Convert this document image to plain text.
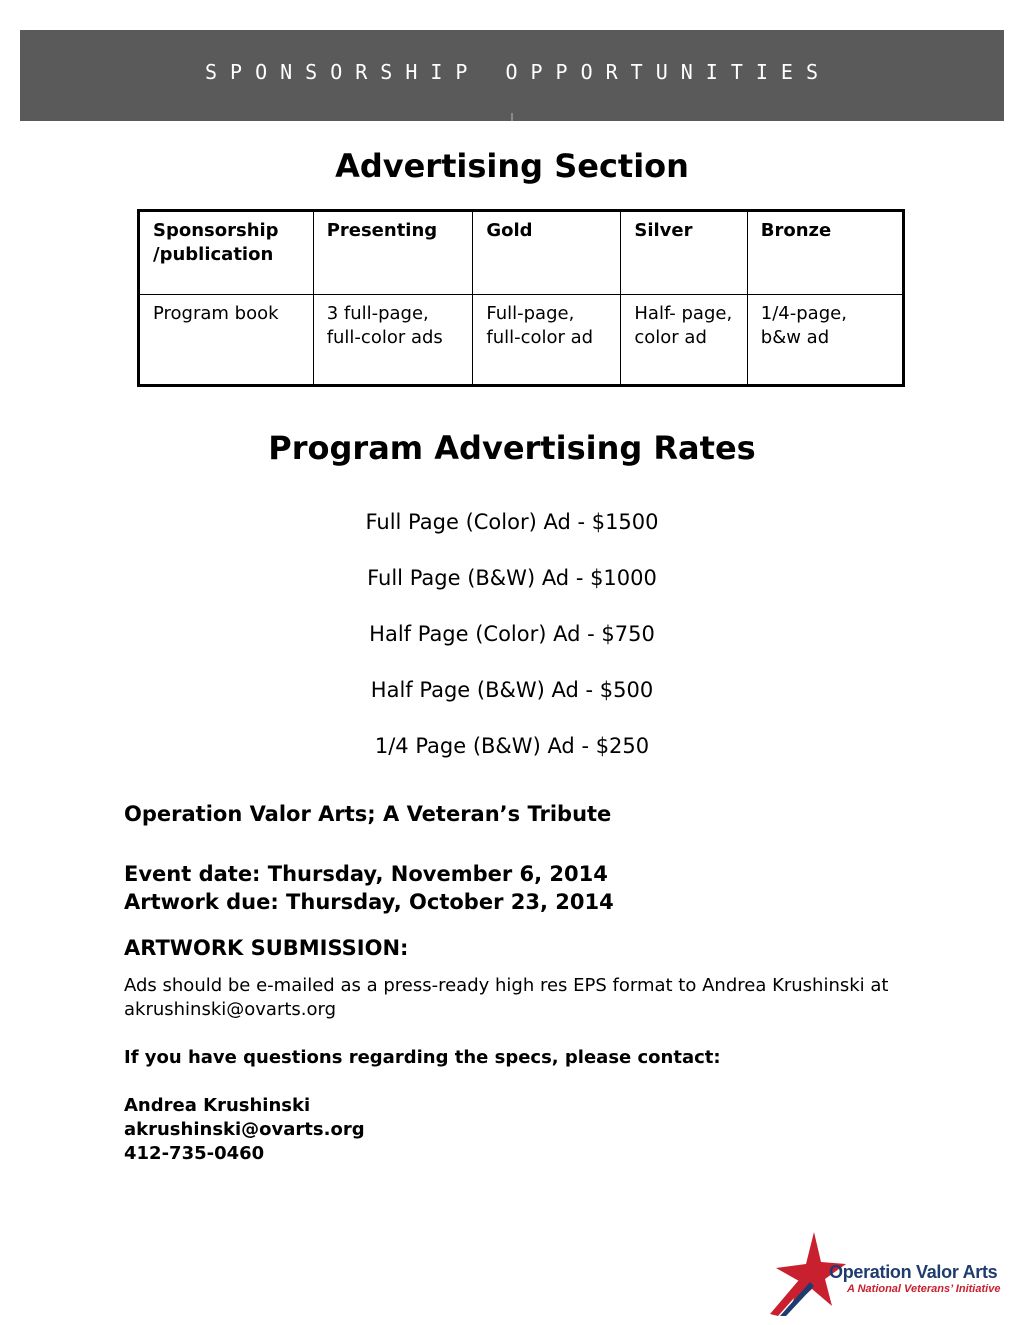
SPONSORSHIP OPPORTUNITIES
Advertising Section
Sponsorship /publication	Presenting	Gold	Silver	Bronze
Program book	3 full-page, full-color ads	Full-page, full-color ad	Half- page, color ad	1/4-page, b&w ad
Program Advertising Rates
Full Page (Color) Ad - $1500
Full Page (B&W) Ad - $1000
Half Page (Color) Ad - $750
Half Page (B&W) Ad - $500
1/4 Page (B&W) Ad - $250

Operation Valor Arts; A Veteran’s Tribute

Event date: Thursday, November 6, 2014
Artwork due: Thursday, October 23, 2014
ARTWORK SUBMISSION:
Ads should be e-mailed as a press-ready high res EPS format to Andrea Krushinski at akrushinski@ovarts.org
If you have questions regarding the specs, please contact:
Andrea Krushinski
akrushinski@ovarts.org
412-735-0460
Operation Valor Arts
A National Veterans’ Initiative
